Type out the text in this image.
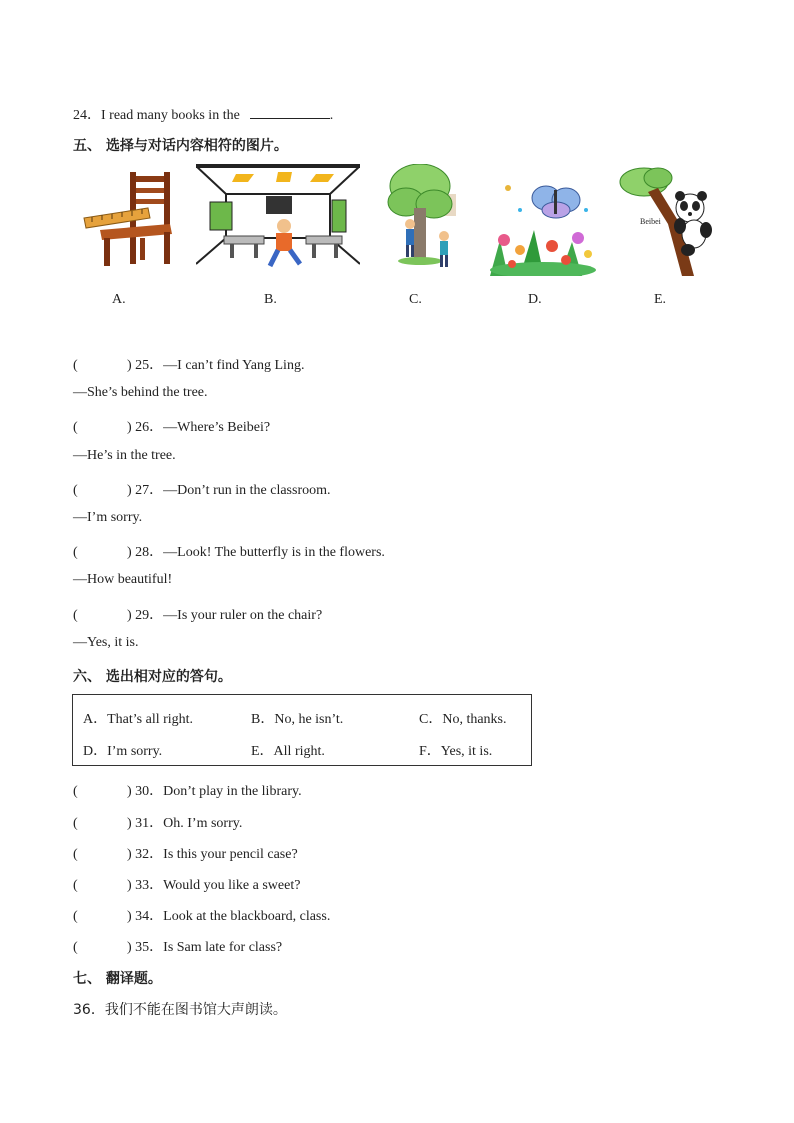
24．I read many books in the	.
五、 选择与对话内容相符的图片。
Beibei
A.	B.	C.	D.	E.
(	) 25．—I can’t find Yang Ling.
—She’s behind the tree.
(	) 26．—Where’s Beibei?
—He’s in the tree.
(	) 27．—Don’t run in the classroom.
—I’m sorry.
(	) 28．—Look! The butterfly is in the flowers.
—How beautiful!
(	) 29．—Is your ruler on the chair?
—Yes, it is.
六、 选出相对应的答句。
A．That’s all right.	B．No, he isn’t.	C．No, thanks.
D．I’m sorry.	E．All right.	F．Yes, it is.
(	) 30．Don’t play in the library.
(	) 31．Oh. I’m sorry.
(	) 32．Is this your pencil case?
(	) 33．Would you like a sweet?
(	) 34．Look at the blackboard, class.
(	) 35．Is Sam late for class?
七、 翻译题。
36．我们不能在图书馆大声朗读。
